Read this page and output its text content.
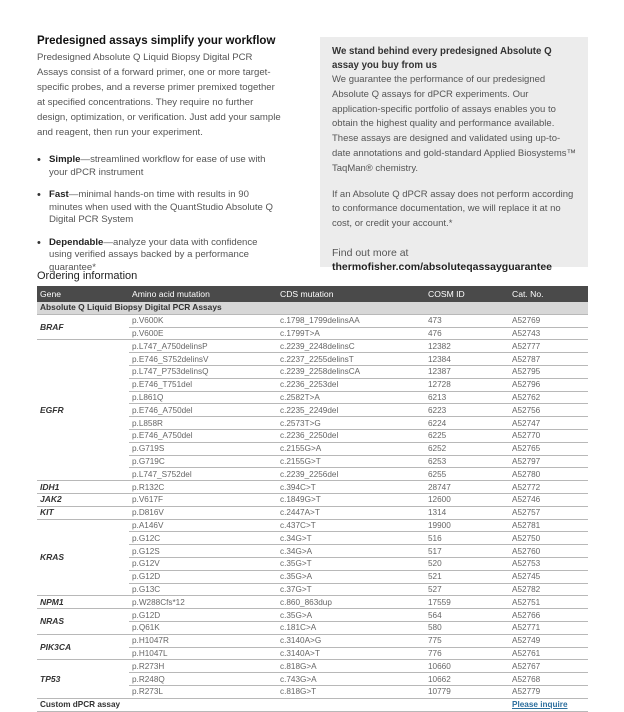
Predesigned assays simplify your workflow

Predesigned Absolute Q Liquid Biopsy Digital PCR Assays consist of a forward primer, one or more target-specific probes, and a reverse primer premixed together at specified concentrations. They require no further design, optimization, or verification. Just add your sample and reagent, then run your experiment.

• Simple—streamlined workflow for ease of use with your dPCR instrument
• Fast—minimal hands-on time with results in 90 minutes when used with the QuantStudio Absolute Q Digital PCR System
• Dependable—analyze your data with confidence using verified assays backed by a performance guarantee*
We stand behind every predesigned Absolute Q assay you buy from us

We guarantee the performance of our predesigned Absolute Q assays for dPCR experiments. Our application-specific portfolio of assays enables you to obtain the highest quality and performance available. These assays are designed and validated using up-to-date annotations and gold-standard Applied Biosystems™ TaqMan® chemistry.

If an Absolute Q dPCR assay does not perform according to conformance documentation, we will replace it at no cost, or credit your account.*

Find out more at
thermofisher.com/absoluteqassayguarantee
Ordering information
Gene	Amino acid mutation	CDS mutation	COSM ID	Cat. No.
Absolute Q Liquid Biopsy Digital PCR Assays				
BRAF	p.V600K	c.1798_1799delinsAA	473	A52769
	p.V600E	c.1799T>A	476	A52743
EGFR	p.L747_A750delinsP	c.2239_2248delinsC	12382	A52777
	p.E746_S752delinsV	c.2237_2255delinsT	12384	A52787
	p.L747_P753delinsQ	c.2239_2258delinsCA	12387	A52795
	p.E746_T751del	c.2236_2253del	12728	A52796
	p.L861Q	c.2582T>A	6213	A52762
	p.E746_A750del	c.2235_2249del	6223	A52756
	p.L858R	c.2573T>G	6224	A52747
	p.E746_A750del	c.2236_2250del	6225	A52770
	p.G719S	c.2155G>A	6252	A52765
	p.G719C	c.2155G>T	6253	A52797
	p.L747_S752del	c.2239_2256del	6255	A52780
IDH1	p.R132C	c.394C>T	28747	A52772
JAK2	p.V617F	c.1849G>T	12600	A52746
KIT	p.D816V	c.2447A>T	1314	A52757
KRAS	p.A146V	c.437C>T	19900	A52781
	p.G12C	c.34G>T	516	A52750
	p.G12S	c.34G>A	517	A52760
	p.G12V	c.35G>T	520	A52753
	p.G12D	c.35G>A	521	A52745
	p.G13C	c.37G>T	527	A52782
NPM1	p.W288Cfs*12	c.860_863dup	17559	A52751
NRAS	p.G12D	c.35G>A	564	A52766
	p.Q61K	c.181C>A	580	A52771
PIK3CA	p.H1047R	c.3140A>G	775	A52749
	p.H1047L	c.3140A>T	776	A52761
TP53	p.R273H	c.818G>A	10660	A52767
	p.R248Q	c.743G>A	10662	A52768
	p.R273L	c.818G>T	10779	A52779
Custom dPCR assay				Please inquire
